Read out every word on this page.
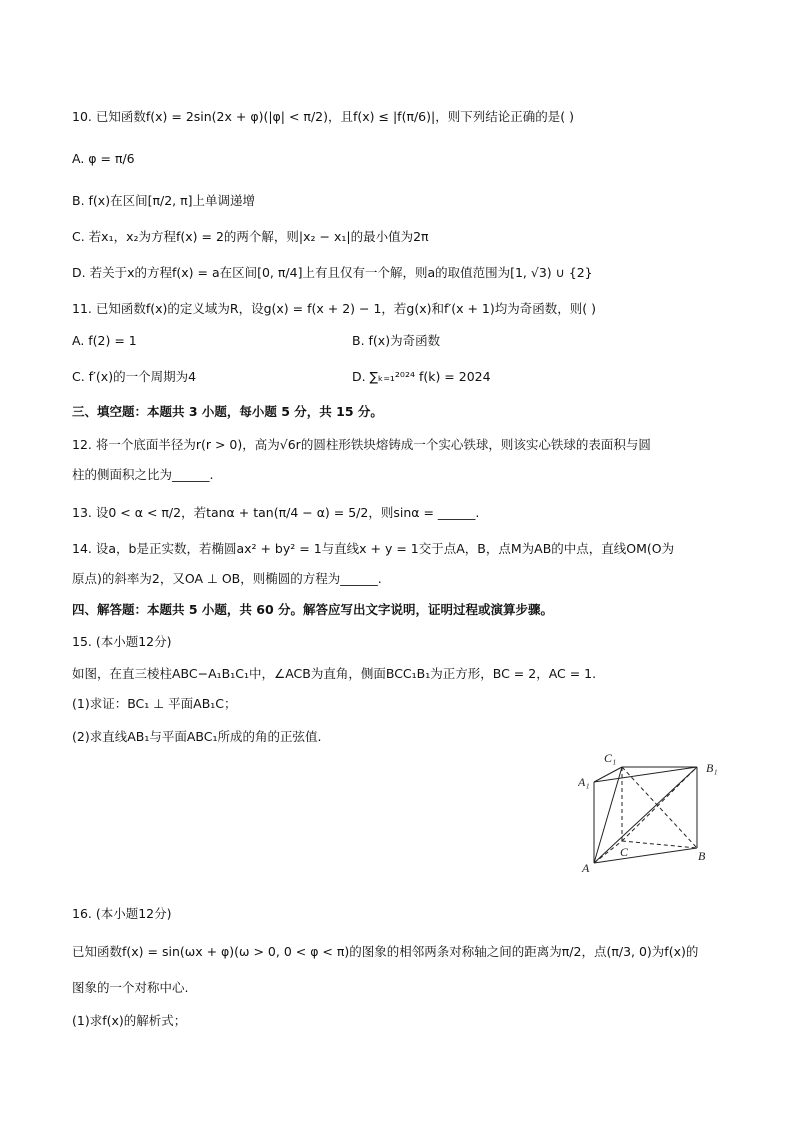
10. 已知函数f(x) = 2sin(2x + φ)(|φ| < π/2)，且f(x) ≤ |f(π/6)|，则下列结论正确的是( )
A. φ = π/6
B. f(x)在区间[π/2, π]上单调递增
C. 若x₁，x₂为方程f(x) = 2的两个解，则|x₂ − x₁|的最小值为2π
D. 若关于x的方程f(x) = a在区间[0, π/4]上有且仅有一个解，则a的取值范围为[1, √3) ∪ {2}
11. 已知函数f(x)的定义域为R，设g(x) = f(x + 2) − 1，若g(x)和f′(x + 1)均为奇函数，则( )
A. f(2) = 1	B. f(x)为奇函数
C. f′(x)的一个周期为4	D. ∑ₖ₌₁²⁰²⁴ f(k) = 2024
三、填空题：本题共 3 小题，每小题 5 分，共 15 分。
12. 将一个底面半径为r(r > 0)，高为√6r的圆柱形铁块熔铸成一个实心铁球，则该实心铁球的表面积与圆
柱的侧面积之比为______.
13. 设0 < α < π/2，若tanα + tan(π/4 − α) = 5/2，则sinα = ______.
14. 设a，b是正实数，若椭圆ax² + by² = 1与直线x + y = 1交于点A，B，点M为AB的中点，直线OM(O为
原点)的斜率为2，又OA ⊥ OB，则椭圆的方程为______.
四、解答题：本题共 5 小题，共 60 分。解答应写出文字说明，证明过程或演算步骤。
15. (本小题12分)
如图，在直三棱柱ABC−A₁B₁C₁中，∠ACB为直角，侧面BCC₁B₁为正方形，BC = 2，AC = 1.
(1)求证：BC₁ ⊥ 平面AB₁C；
(2)求直线AB₁与平面ABC₁所成的角的正弦值.
C₁
B₁
A₁
C	B
A
16. (本小题12分)
已知函数f(x) = sin(ωx + φ)(ω > 0, 0 < φ < π)的图象的相邻两条对称轴之间的距离为π/2，点(π/3, 0)为f(x)的
图象的一个对称中心.
(1)求f(x)的解析式；
